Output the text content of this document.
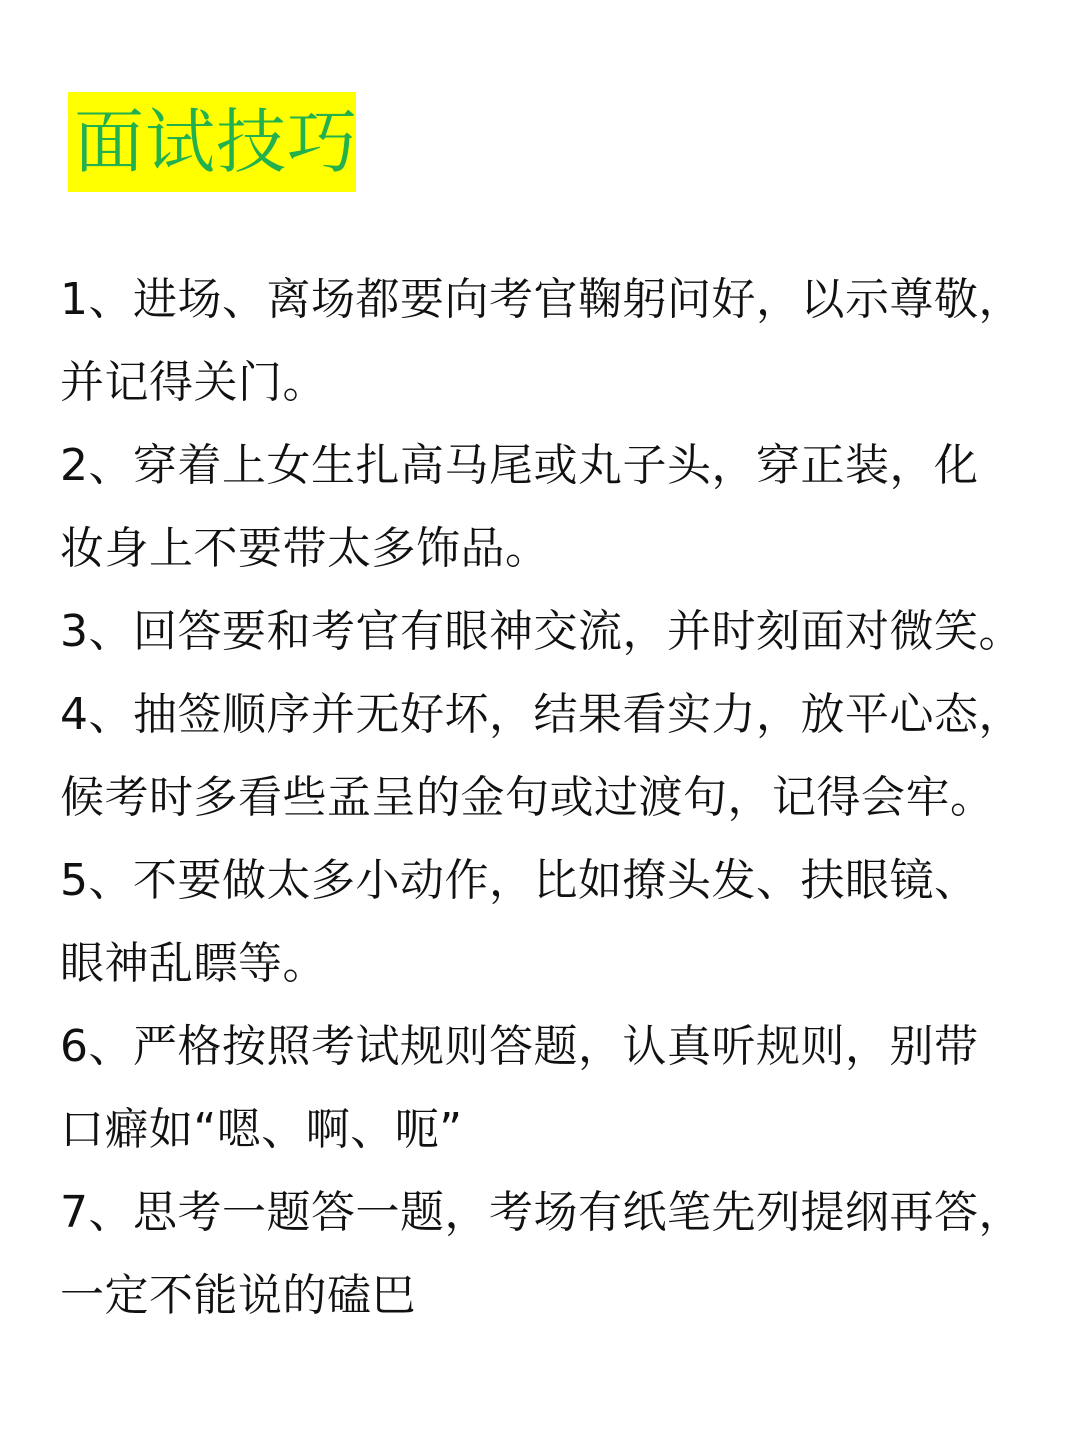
面试技巧
1、进场、离场都要向考官鞠躬问好，以示尊敬，
并记得关门。
2、穿着上女生扎高马尾或丸子头，穿正装，化
妆身上不要带太多饰品。
3、回答要和考官有眼神交流，并时刻面对微笑。
4、抽签顺序并无好坏，结果看实力，放平心态，
候考时多看些孟呈的金句或过渡句，记得会牢。
5、不要做太多小动作，比如撩头发、扶眼镜、
眼神乱瞟等。
6、严格按照考试规则答题，认真听规则，别带
口癖如“嗯、啊、呃”
7、思考一题答一题，考场有纸笔先列提纲再答，
一定不能说的磕巴
